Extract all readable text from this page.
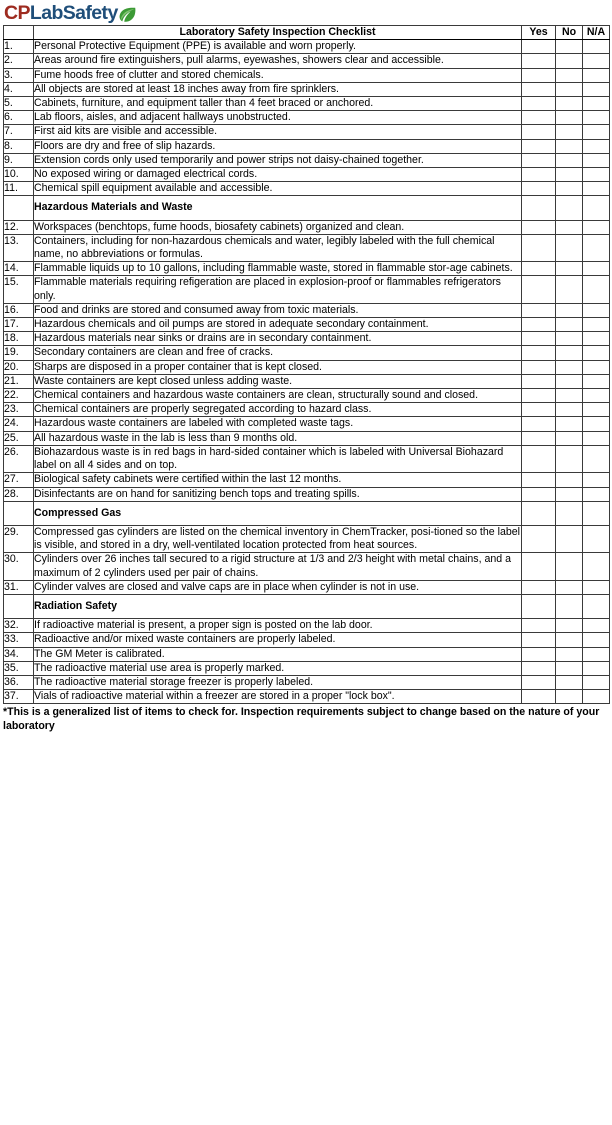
CPLabSafety
	Laboratory Safety Inspection Checklist	Yes	No	N/A
1.	Personal Protective Equipment (PPE) is available and worn properly.			
2.	Areas around fire extinguishers, pull alarms, eyewashes, showers clear and accessible.			
3.	Fume hoods free of clutter and stored chemicals.			
4.	All objects are stored at least 18 inches away from fire sprinklers.			
5.	Cabinets, furniture, and equipment taller than 4 feet braced or anchored.			
6.	Lab floors, aisles, and adjacent hallways unobstructed.			
7.	First aid kits are visible and accessible.			
8.	Floors are dry and free of slip hazards.			
9.	Extension cords only used temporarily and power strips not daisy-chained together.			
10.	No exposed wiring or damaged electrical cords.			
11.	Chemical spill equipment available and accessible.			
	Hazardous Materials and Waste			
12.	Workspaces (benchtops, fume hoods, biosafety cabinets) organized and clean.			
13.	Containers, including for non-hazardous chemicals and water, legibly labeled with the full chemical name, no abbreviations or formulas.			
14.	Flammable liquids up to 10 gallons, including flammable waste, stored in flammable stor-age cabinets.			
15.	Flammable materials requiring refigeration are placed in explosion-proof or flammables refrigerators only.			
16.	Food and drinks are stored and consumed away from toxic materials.			
17.	Hazardous chemicals and oil pumps are stored in adequate secondary containment.			
18.	Hazardous materials near sinks or drains are in secondary containment.			
19.	Secondary containers are clean and free of cracks.			
20.	Sharps are disposed in a proper container that is kept closed.			
21.	Waste containers are kept closed unless adding waste.			
22.	Chemical containers and hazardous waste containers are clean, structurally sound and closed.			
23.	Chemical containers are properly segregated according to hazard class.			
24.	Hazardous waste containers are labeled with completed waste tags.			
25.	All hazardous waste in the lab is less than 9 months old.			
26.	Biohazardous waste is in red bags in hard-sided container which is labeled with Universal Biohazard label on all 4 sides and on top.			
27.	Biological safety cabinets were certified within the last 12 months.			
28.	Disinfectants are on hand for sanitizing bench tops and treating spills.			
	Compressed Gas			
29.	Compressed gas cylinders are listed on the chemical inventory in ChemTracker, posi-tioned so the label is visible, and stored in a dry, well-ventilated location protected from heat sources.			
30.	Cylinders over 26 inches tall secured to a rigid structure at 1/3 and 2/3 height with metal chains, and a maximum of 2 cylinders used per pair of chains.			
31.	Cylinder valves are closed and valve caps are in place when cylinder is not in use.			
	Radiation Safety			
32.	If radioactive material is present, a proper sign is posted on the lab door.			
33.	Radioactive and/or mixed waste containers are properly labeled.			
34.	The GM Meter is calibrated.			
35.	The radioactive material use area is properly marked.			
36.	The radioactive material storage freezer is properly labeled.			
37.	Vials of radioactive material within a freezer are stored in a proper "lock box".			
*This is a generalized list of items to check for. Inspection requirements subject to change based on the nature of your laboratory
